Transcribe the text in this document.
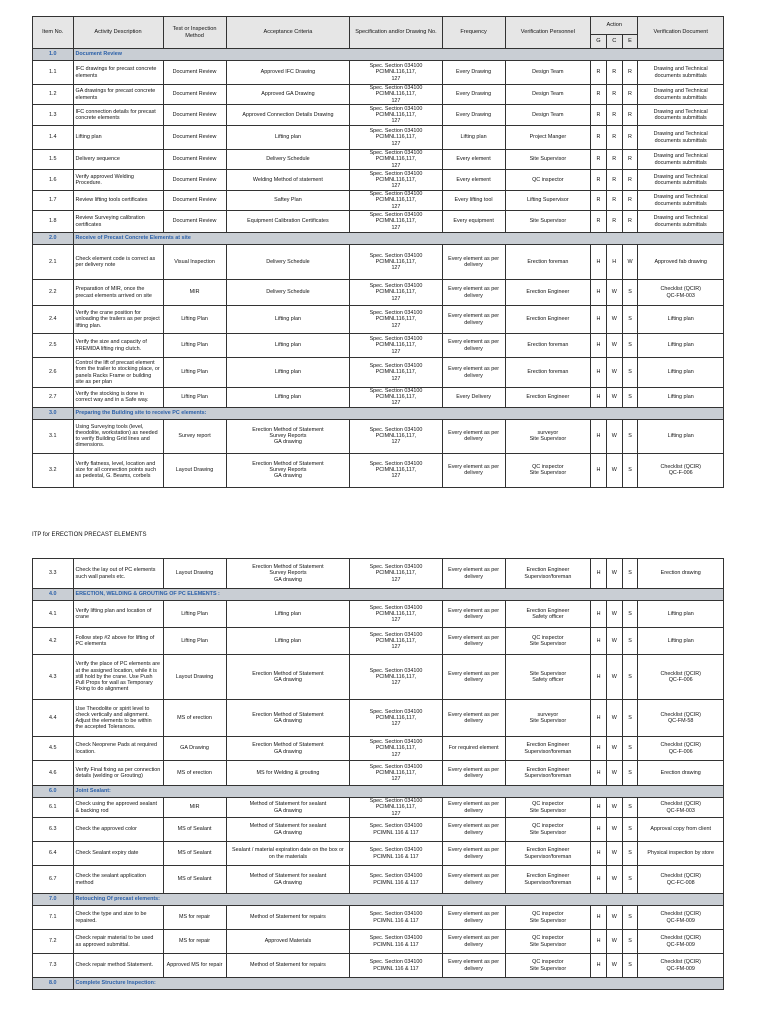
Item No.	Activity Description	Test or Inspection Method	Acceptance Criteria	Specification and/or Drawing No.	Frequency	Verification Personnel	Action			Verification Document
							G	C	E	
1.0	Document Review									
1.1	IFC drawings for precast concrete elements	Document Review	Approved IFC Drawing	Spec. Section 034100
PCIMNL116,117,
127	Every Drawing	Design Team	R	R	R	Drawing and Technical documents submittals
1.2	GA drawings for precast concrete elements	Document Review	Approved GA Drawing	Spec. Section 034100
PCIMNL116,117,
127	Every Drawing	Design Team	R	R	R	Drawing and Technical documents submittals
1.3	IFC connection details for precast concrete elements	Document Review	Approved Connection Details Drawing	Spec. Section 034100
PCIMNL116,117,
127	Every Drawing	Design Team	R	R	R	Drawing and Technical documents submittals
1.4	Lifting plan	Document Review	Lifting plan	Spec. Section 034100
PCIMNL116,117,
127	Lifting plan	Project Manger	R	R	R	Drawing and Technical documents submittals
1.5	Delivery sequence	Document Review	Delivery Schedule	Spec. Section 034100
PCIMNL116,117,
127	Every element	Site Supervisor	R	R	R	Drawing and Technical documents submittals
1.6	Verify approved Welding Procedure.	Document Review	Welding Method of statement	Spec. Section 034100
PCIMNL116,117,
127	Every element	QC inspector	R	R	R	Drawing and Technical documents submittals
1.7	Review lifting tools certificates	Document Review	Saftey Plan	Spec. Section 034100
PCIMNL116,117,
127	Every lifting tool	Lifting Supervisor	R	R	R	Drawing and Technical documents submittals
1.8	Review Surveying calibration certificates	Document Review	Equipment Calibration Certificates	Spec. Section 034100
PCIMNL116,117,
127	Every equipment	Site Supervisor	R	R	R	Drawing and Technical documents submittals
2.0	Receive of Precast Concrete Elements at site									
2.1	Check element code is correct as per delivery note	Visual Inspection	Delivery Schedule	Spec. Section 034100
PCIMNL116,117,
127	Every element as per delivery	Erection foreman	H	H	W	Approved fab drawing
2.2	Preparation of MIR, once the precast elements arrived on site	MIR	Delivery Schedule	Spec. Section 034100
PCIMNL116,117,
127	Every element as per delivery	Erection Engineer	H	W	S	Checklist (QCIR)
QC-FM-003
2.4	Verify the crane position for unloading the trailers as per project lifting plan.	Lifting Plan	Lifting plan	Spec. Section 034100
PCIMNL116,117,
127	Every element as per delivery	Erection Engineer	H	W	S	Lifting plan
2.5	Verify the size and capacity of FREMIDA lifting ring clutch.	Lifting Plan	Lifting plan	Spec. Section 034100
PCIMNL116,117,
127	Every element as per delivery	Erection foreman	H	W	S	Lifting plan
2.6	Control the lift of precast element from the trailer to stocking place, or panels Racks Frame or building site as per plan	Lifting Plan	Lifting plan	Spec. Section 034100
PCIMNL116,117,
127	Every element as per delivery	Erection foreman	H	W	S	Lifting plan
2.7	Verify the stocking is done in correct way and in a Safe way.	Lifting Plan	Lifting plan	Spec. Section 034100
PCIMNL116,117,
127	Every Delivery	Erection Engineer	H	W	S	Lifting plan
3.0	Preparing the Building site to receive PC elements:									
3.1	Using Surveying tools (level, theodolite, workstation) as needed to verify Building Grid lines and dimensions.	Survey report	Erection Method of Statement
Survey Reports
GA drawing	Spec. Section 034100
PCIMNL116,117,
127	Every element as per delivery	surveyor
Site Supervisor	H	W	S	Lifting plan
3.2	Verify flatness, level, location and size for all connection points such as pedestal, G. Beams, corbels	Layout Drawing	Erection Method of Statement
Survey Reports
GA drawing	Spec. Section 034100
PCIMNL116,117,
127	Every element as per delivery	QC inspector
Site Supervisor	H	W	S	Checklist (QCIR)
QC-F-006
ITP for ERECTION PRECAST ELEMENTS
3.3	Check the lay out of PC elements such wall panels etc.	Layout Drawing	Erection Method of Statement
Survey Reports
GA drawing	Spec. Section 034100
PCIMNL116,117,
127	Every element as per delivery	Erection Engineer
Supervisor/foreman	H	W	S	Erection drawing
4.0	ERECTION, WELDING & GROUTING OF PC ELEMENTS :									
4.1	Verify lifting plan and location of crane	Lifting Plan	Lifting plan	Spec. Section 034100
PCIMNL116,117,
127	Every element as per delivery	Erection Engineer
Safety officer	H	W	S	Lifting plan
4.2	Follow step #2 above for lifting of PC elements	Lifting Plan	Lifting plan	Spec. Section 034100
PCIMNL116,117,
127	Every element as per delivery	QC inspector
Site Supervisor	H	W	S	Lifting plan
4.3	Verify the place of PC elements are at the assigned location, while it is still hold by the crane. Use Push Pull Props for wall as Temporary Fixing to do alignment	Layout Drawing	Erection Method of Statement
GA drawing	Spec. Section 034100
PCIMNL116,117,
127	Every element as per delivery	Site Supervisor
Safety officer	H	W	S	Checklist (QCIR)
QC-F-006
4.4	Use Theodolite or spirit level to check vertically and alignment. Adjust the elements to be within the accepted Tolerances.	MS of erection	Erection Method of Statement
GA drawing	Spec. Section 034100
PCIMNL116,117,
127	Every element as per delivery	surveyor
Site Supervisor	H	W	S	Checklist (QCIR)
QC-FM-58
4.5	Check Neoprene Pads at required location.	GA Drawing	Erection Method of Statement
GA drawing	Spec. Section 034100
PCIMNL116,117,
127	For required element	Erection Engineer
Supervisor/foreman	H	W	S	Checklist (QCIR)
QC-F-006
4.6	Verify Final fixing as per connection details (welding or Grouting)	MS of erection	MS for Welding & grouting	Spec. Section 034100
PCIMNL116,117,
127	Every element as per delivery	Erection Engineer
Supervisor/foreman	H	W	S	Erection drawing
6.0	Joint Sealant:									
6.1	Check using the approved sealant & backing rod	MIR	Method of Statement for sealant
GA drawing	Spec. Section 034100
PCIMNL116,117,
127	Every element as per delivery	QC inspector
Site Supervisor	H	W	S	Checklist (QCIR)
QC-FM-003
6.3	Check the approved color	MS of Sealant	Method of Statement for sealant
GA drawing	Spec. Section 034100
PCIMNL 116 & 117	Every element as per delivery	QC inspector
Site Supervisor	H	W	S	Approval copy from client
6.4	Check Sealant expiry date	MS of Sealant	Sealant / material expiration date on the box or on the materials	Spec. Section 034100
PCIMNL 116 & 117	Every element as per delivery	Erection Engineer
Supervisor/foreman	H	W	S	Physical inspection by store
6.7	Check the sealant application method	MS of Sealant	Method of Statement for sealant
GA drawing	Spec. Section 034100
PCIMNL 116 & 117	Every element as per delivery	Erection Engineer
Supervisor/foreman	H	W	S	Checklist (QCIR)
QC-FC-008
7.0	Retouching Of precast elements:									
7.1	Check the type and size to be repaired.	MS for repair	Method of Statement for repairs	Spec. Section 034100
PCIMNL 116 & 117	Every element as per delivery	QC inspector
Site Supervisor	H	W	S	Checklist (QCIR)
QC-FM-009
7.2	Check repair material to be used as approved submittal.	MS for repair	Approved Materials	Spec. Section 034100
PCIMNL 116 & 117	Every element as per delivery	QC inspector
Site Supervisor	H	W	S	Checklist (QCIR)
QC-FM-009
7.3	Check repair method Statement.	Approved MS for repair	Method of Statement for repairs	Spec. Section 034100
PCIMNL 116 & 117	Every element as per delivery	QC inspector
Site Supervisor	H	W	S	Checklist (QCIR)
QC-FM-009
8.0	Complete Structure Inspection:									
